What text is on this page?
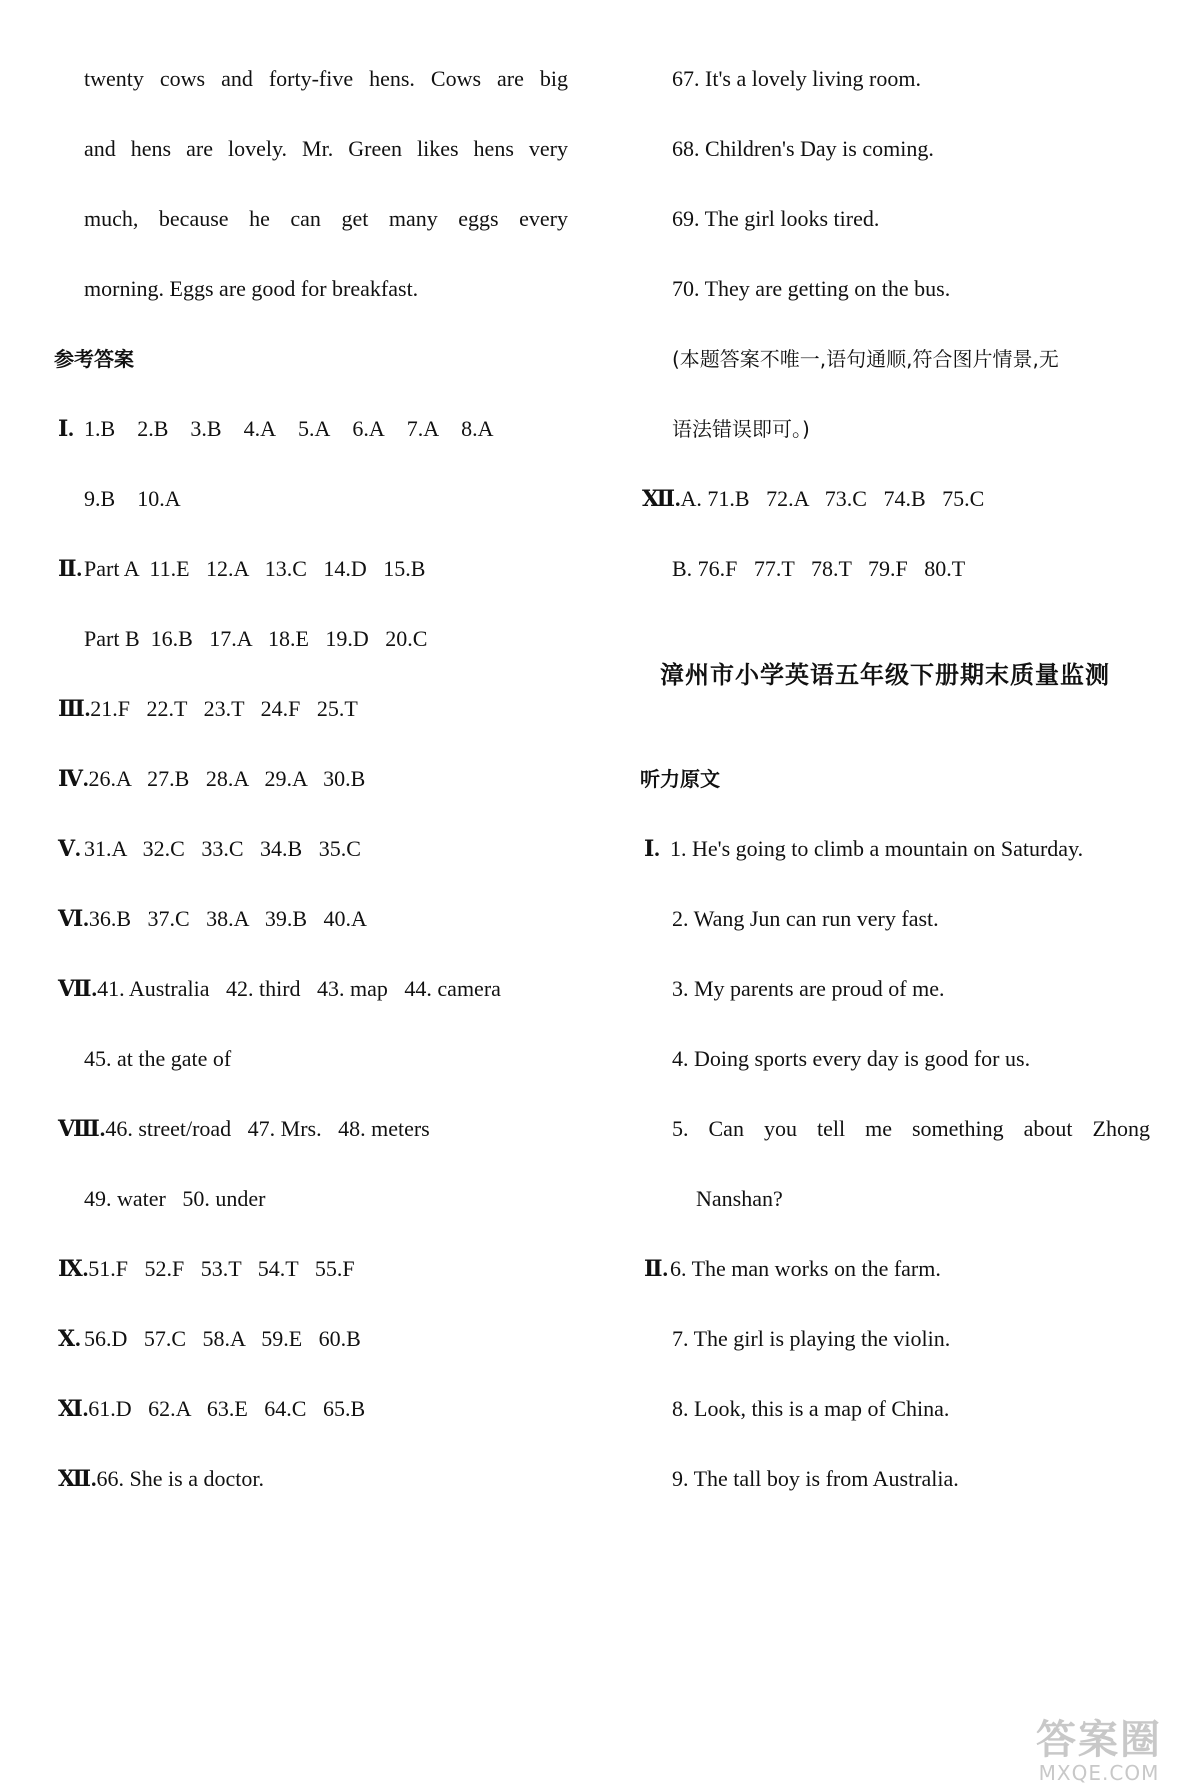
twenty cows and forty-five hens. Cows are big
and hens are lovely. Mr. Green likes hens very
much, because he can get many eggs every
morning. Eggs are good for breakfast.
参考答案
Ⅰ. 1.B 2.B 3.B 4.A 5.A 6.A 7.A 8.A
9.B 10.A
Ⅱ.Part A  11.E   12.A   13.C   14.D   15.B
Part B  16.B   17.A   18.E   19.D   20.C
Ⅲ.21.F   22.T   23.T   24.F   25.T
Ⅳ.26.A   27.B   28.A   29.A   30.B
Ⅴ. 31.A   32.C   33.C   34.B   35.C
Ⅵ.36.B   37.C   38.A   39.B   40.A
Ⅶ.41. Australia   42. third   43. map   44. camera
45. at the gate of
Ⅷ.46. street/road   47. Mrs.   48. meters
49. water   50. under
Ⅸ.51.F   52.F   53.T   54.T   55.F
Ⅹ. 56.D   57.C   58.A   59.E   60.B
Ⅺ.61.D   62.A   63.E   64.C   65.B
Ⅻ.66. She is a doctor.
67. It's a lovely living room.
68. Children's Day is coming.
69. The girl looks tired.
70. They are getting on the bus.
(本题答案不唯一,语句通顺,符合图片情景,无
语法错误即可。)
Ⅻ.A. 71.B   72.A   73.C   74.B   75.C
B. 76.F   77.T   78.T   79.F   80.T
漳州市小学英语五年级下册期末质量监测
听力原文
Ⅰ. 1. He's going to climb a mountain on Saturday.
2. Wang Jun can run very fast.
3. My parents are proud of me.
4. Doing sports every day is good for us.
5. Can you tell me something about Zhong
Nanshan?
Ⅱ.6. The man works on the farm.
7. The girl is playing the violin.
8. Look, this is a map of China.
9. The tall boy is from Australia.
答案圈
MXQE.COM
